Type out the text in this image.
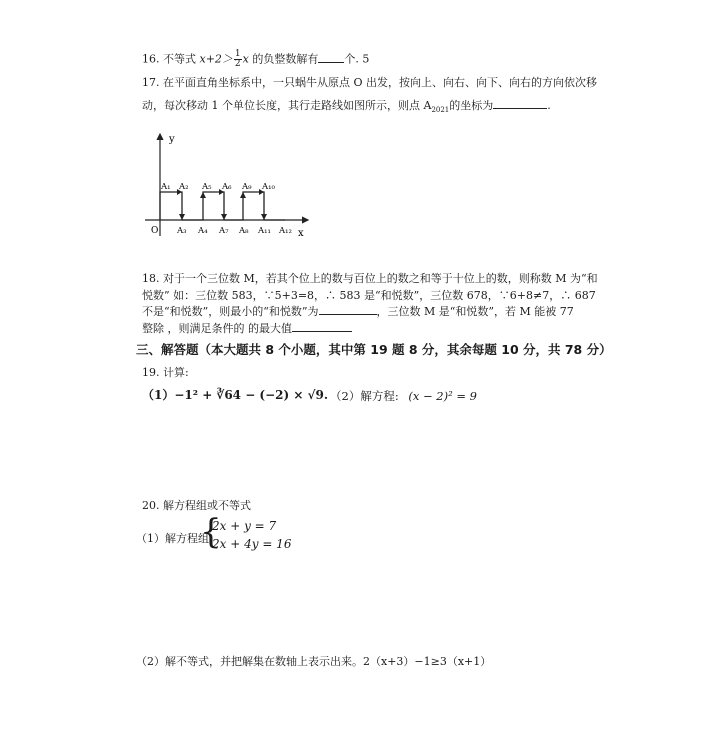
16. 不等式 $x+2> \frac{1}{2}$ x 的负整数解有 个. 5
17. 在平面直角坐标系中，一只蜗牛从原点 O 出发，按向上、向右、向下、向右的方向依次移
动，每次移动 1 个单位长度，其行走路线如图所示，则点 $A_{2021}$的坐标为	.
y
x
O
A₁ A₂ A₅ A₆ A₉ A₁₀
A₃ A₄ A₇ A₈ A₁₁ A₁₂
18. 对于一个三位数 M，若其个位上的数与百位上的数之和等于十位上的数，则称数 M 为“和
悦数” 如：三位数 583，∵5+3=8，∴ 583 是“和悦数”，三位数 678，∵6+8≠7，∴ 687
不是“和悦数”，则最小的“和悦数”为	，三位数 M 是“和悦数”，若 M 能被 77
整除 ，则满足条件的 的最大值
三、解答题（本大题共 8 个小题，其中第 19 题 8 分，其余每题 10 分，共 78 分）
19. 计算:
（1）−1² + ∛64 − (−2) × √9. （2）解方程: (x − 2)² = 9
20. 解方程组或不等式
（1）解方程组
{
2x + y = 7
2x + 4y = 16
（2）解不等式，并把解集在数轴上表示出来。2（x+3）−1≥3（x+1）
